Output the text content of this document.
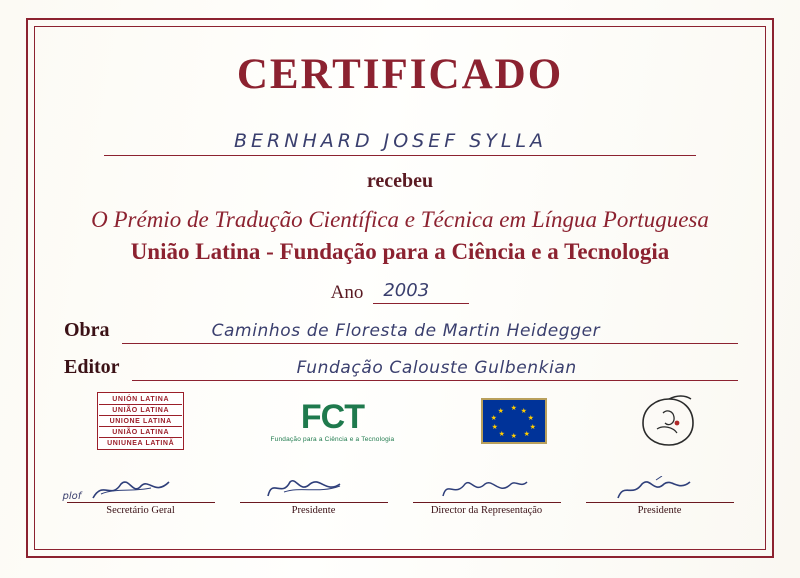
CERTIFICADO
BERNHARD JOSEF SYLLA
recebeu
O Prémio de Tradução Científica e Técnica em Língua Portuguesa
União Latina - Fundação para a Ciência e a Tecnologia
Ano 2003
Obra	Caminhos de Floresta de Martin Heidegger
Editor	Fundação Calouste Gulbenkian
UNIÓN LATINA
UNIÃO LATINA
UNIONE LATINA
UNIÃO LATINA
UNIUNEA LATINĂ
FCT
Fundação para a Ciência e a Tecnologia
★ ★
★
★
★
★
★
★
★
★
plof
Secretário Geral	Presidente	Director da Representação	Presidente
